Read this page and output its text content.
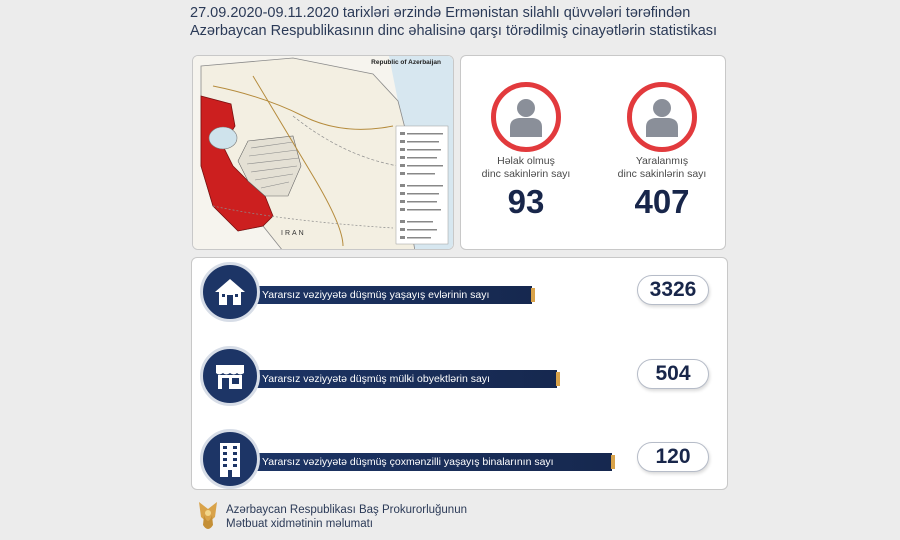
27.09.2020-09.11.2020 tarixləri ərzində Ermənistan silahlı qüvvələri tərəfindən
Azərbaycan Respublikasının dinc əhalisinə qarşı törədilmiş cinayətlərin statistikası
Republic of Azerbaijan
IRAN
Həlak olmuş
dinc sakinlərin sayı
93
Yaralanmış
dinc sakinlərin sayı
407
Yararsız vəziyyətə düşmüş yaşayış evlərinin sayı	3326
Yararsız vəziyyətə düşmüş mülki obyektlərin sayı	504
Yararsız vəziyyətə düşmüş çoxmənzilli yaşayış binalarının sayı	120
Azərbaycan Respublikası Baş Prokurorluğunun
Mətbuat xidmətinin məlumatı
